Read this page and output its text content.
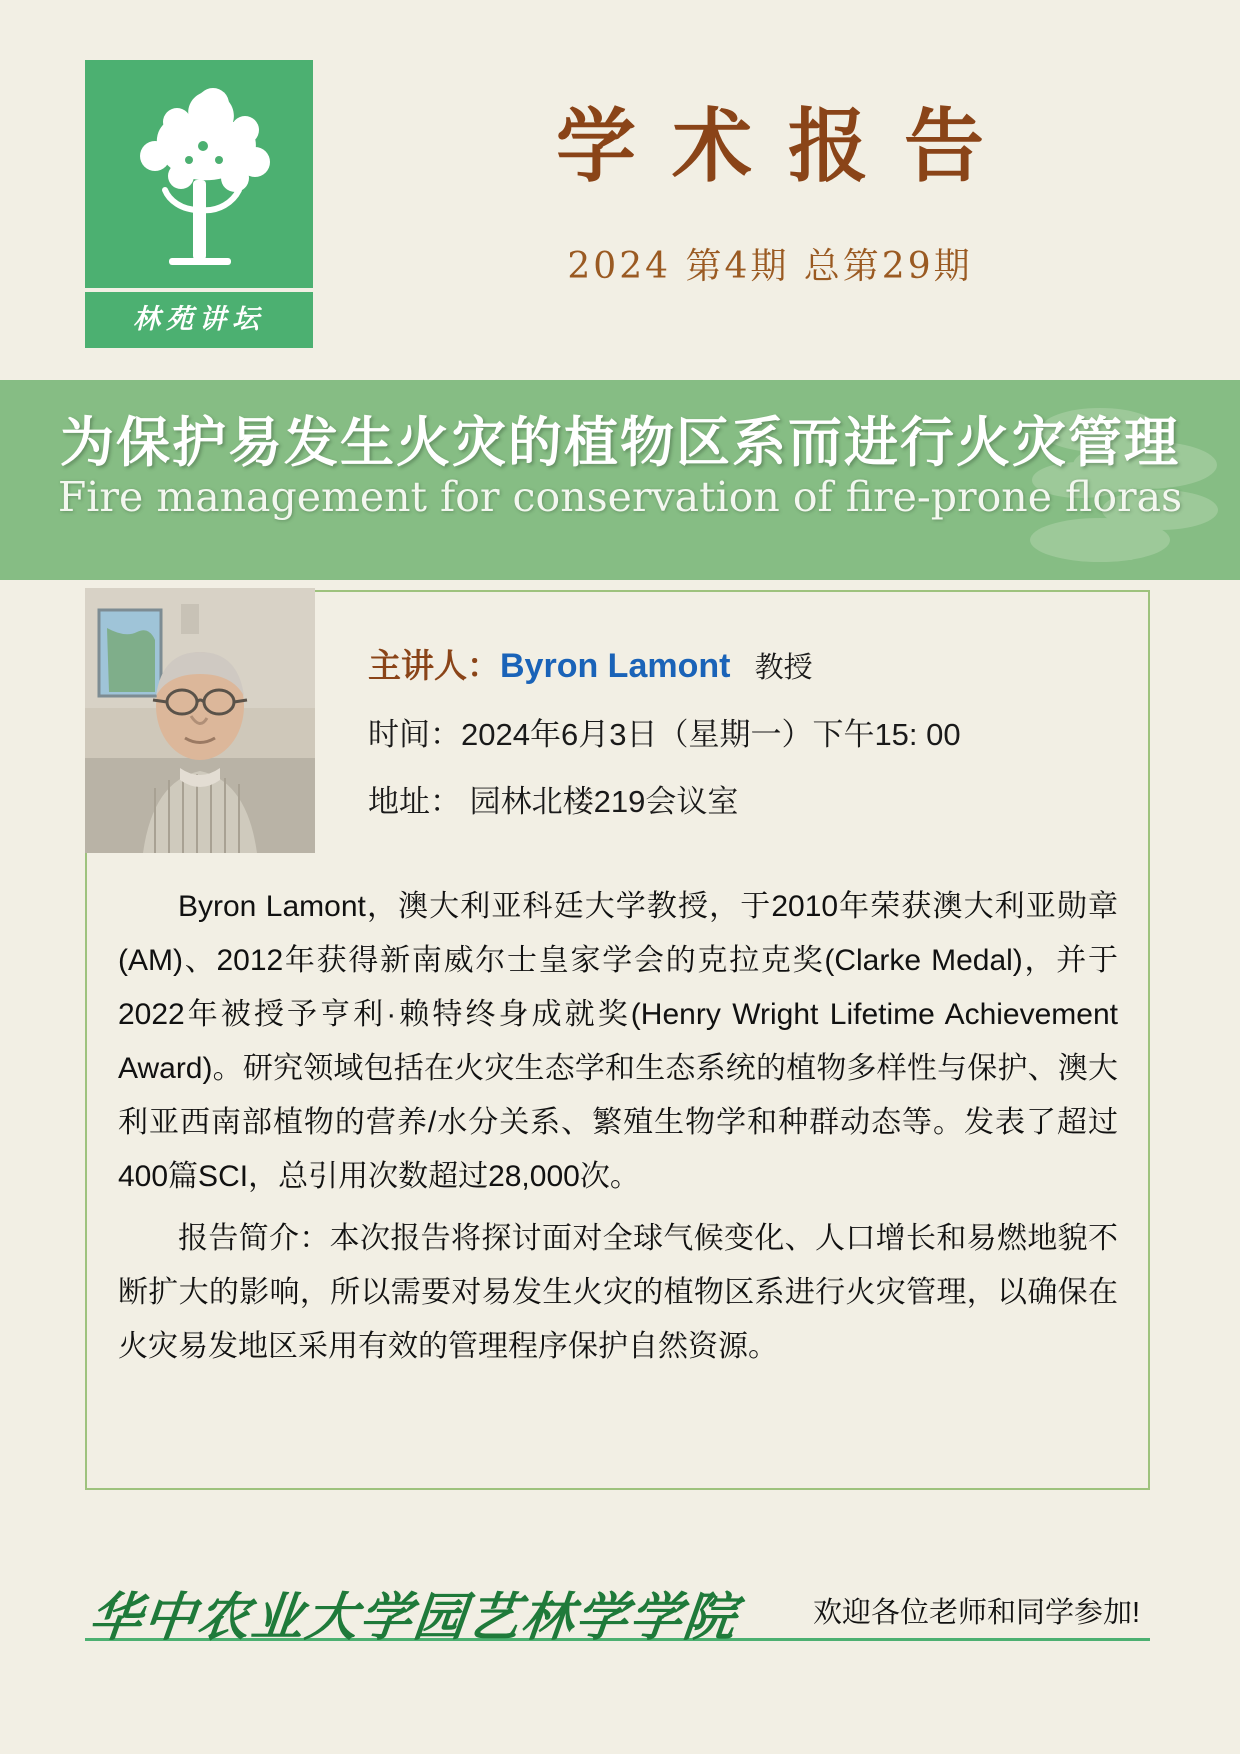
林苑讲坛
学术报告
2024 第4期 总第29期
为保护易发生火灾的植物区系而进行火灾管理
Fire management for conservation of fire-prone floras
主讲人：Byron Lamont 教授
时间：2024年6月3日（星期一）下午15: 00
地址： 园林北楼219会议室

Byron Lamont，澳大利亚科廷大学教授，于2010年荣获澳大利亚勋章(AM)、2012年获得新南威尔士皇家学会的克拉克奖(Clarke Medal)，并于2022年被授予亨利·赖特终身成就奖(Henry Wright Lifetime Achievement Award)。研究领域包括在火灾生态学和生态系统的植物多样性与保护、澳大利亚西南部植物的营养/水分关系、繁殖生物学和种群动态等。发表了超过400篇SCI，总引用次数超过28,000次。

报告简介：本次报告将探讨面对全球气候变化、人口增长和易燃地貌不断扩大的影响，所以需要对易发生火灾的植物区系进行火灾管理，以确保在火灾易发地区采用有效的管理程序保护自然资源。

华中农业大学园艺林学学院 欢迎各位老师和同学参加!
